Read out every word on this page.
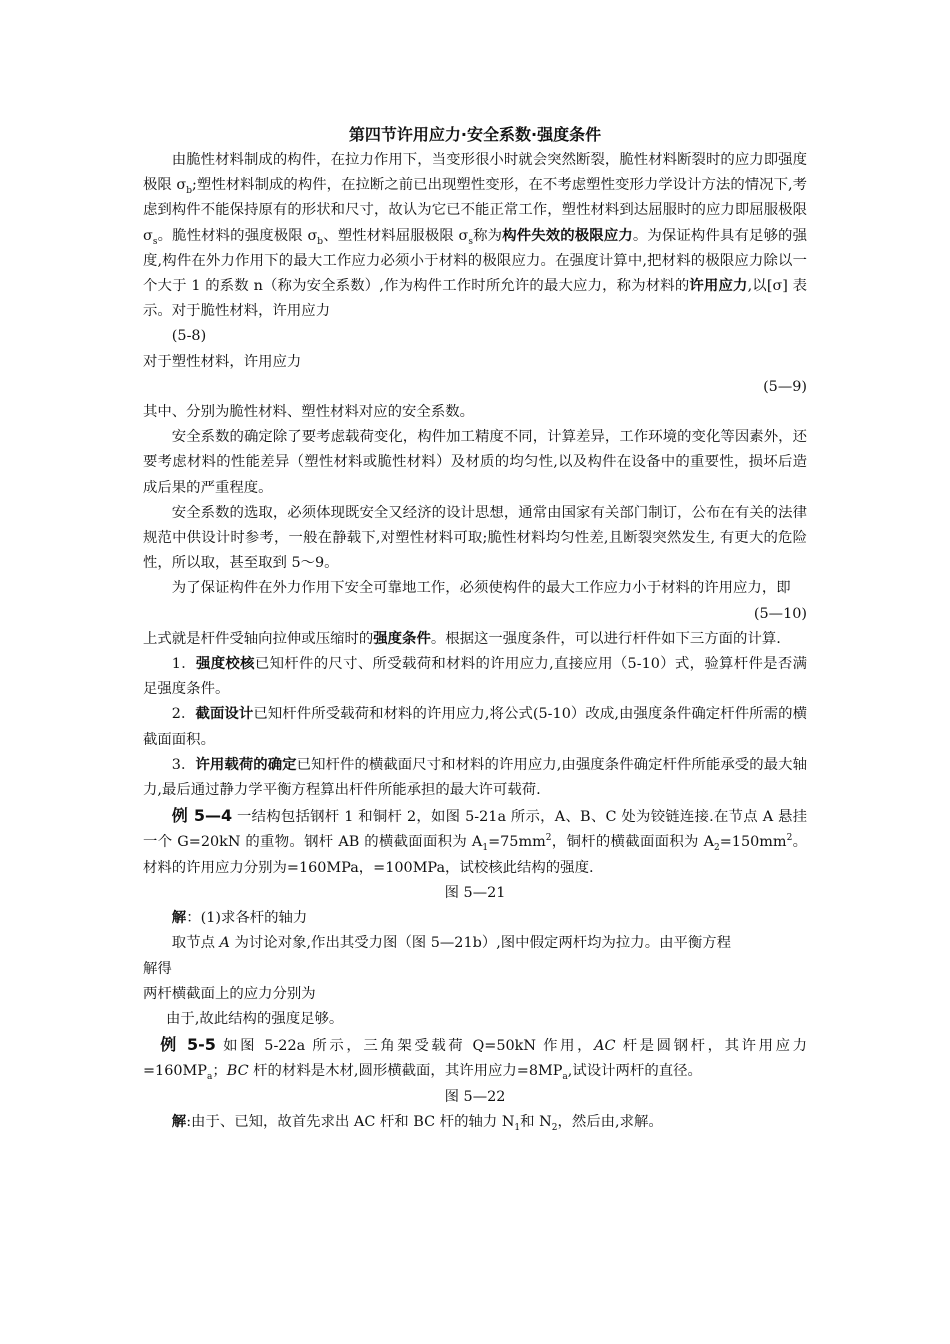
第四节许用应力·安全系数·强度条件

由脆性材料制成的构件，在拉力作用下，当变形很小时就会突然断裂，脆性材料断裂时的应力即强度极限 $\sigma_b$;塑性材料制成的构件，在拉断之前已出现塑性变形，在不考虑塑性变形力学设计方法的情况下,考虑到构件不能保持原有的形状和尺寸，故认为它已不能正常工作，塑性材料到达屈服时的应力即屈服极限 $\sigma_s$。脆性材料的强度极限 $\sigma_b$、塑性材料屈服极限 $\sigma_s$称为构件失效的极限应力。为保证构件具有足够的强度,构件在外力作用下的最大工作应力必须小于材料的极限应力。在强度计算中,把材料的极限应力除以一个大于 1 的系数 n（称为安全系数）,作为构件工作时所允许的最大应力，称为材料的许用应力,以[σ] 表示。对于脆性材料，许用应力

(5-8)

对于塑性材料，许用应力

(5—9)

其中、分别为脆性材料、塑性材料对应的安全系数。

安全系数的确定除了要考虑载荷变化，构件加工精度不同，计算差异，工作环境的变化等因素外，还要考虑材料的性能差异（塑性材料或脆性材料）及材质的均匀性,以及构件在设备中的重要性，损坏后造成后果的严重程度。

安全系数的选取，必须体现既安全又经济的设计思想，通常由国家有关部门制订，公布在有关的法律规范中供设计时参考，一般在静载下,对塑性材料可取;脆性材料均匀性差,且断裂突然发生, 有更大的危险性，所以取，甚至取到 5～9。

为了保证构件在外力作用下安全可靠地工作，必须使构件的最大工作应力小于材料的许用应力，即

(5—10)

上式就是杆件受轴向拉伸或压缩时的强度条件。根据这一强度条件，可以进行杆件如下三方面的计算.

1．强度校核已知杆件的尺寸、所受载荷和材料的许用应力,直接应用（5-10）式，验算杆件是否满足强度条件。

2．截面设计已知杆件所受载荷和材料的许用应力,将公式(5-10）改成,由强度条件确定杆件所需的横截面面积。

3．许用载荷的确定已知杆件的横截面尺寸和材料的许用应力,由强度条件确定杆件所能承受的最大轴力,最后通过静力学平衡方程算出杆件所能承担的最大许可载荷.

例 5—4 一结构包括钢杆 1 和铜杆 2，如图 5-21a 所示，A、B、C 处为铰链连接.在节点 A 悬挂一个 G=20kN 的重物。钢杆 AB 的横截面面积为 $A_1=75mm^2$，铜杆的横截面面积为 $A_2=150mm^2$。材料的许用应力分别为=160MPa，=100MPa，试校核此结构的强度.

图 5—21

解：(1)求各杆的轴力

取节点 A 为讨论对象,作出其受力图（图 5—21b）,图中假定两杆均为拉力。由平衡方程

解得

两杆横截面上的应力分别为

由于,故此结构的强度足够。

例 5-5 如图 5-22a 所示，三角架受载荷 Q=50kN 作用，AC 杆是圆钢杆，其许用应力$=160MP_a$；BC 杆的材料是木材,圆形横截面，其许用应力$=8MP_a$,试设计两杆的直径。

图 5—22

解:由于、已知，故首先求出 AC 杆和 BC 杆的轴力 $N_1$和 $N_2$，然后由,求解。
